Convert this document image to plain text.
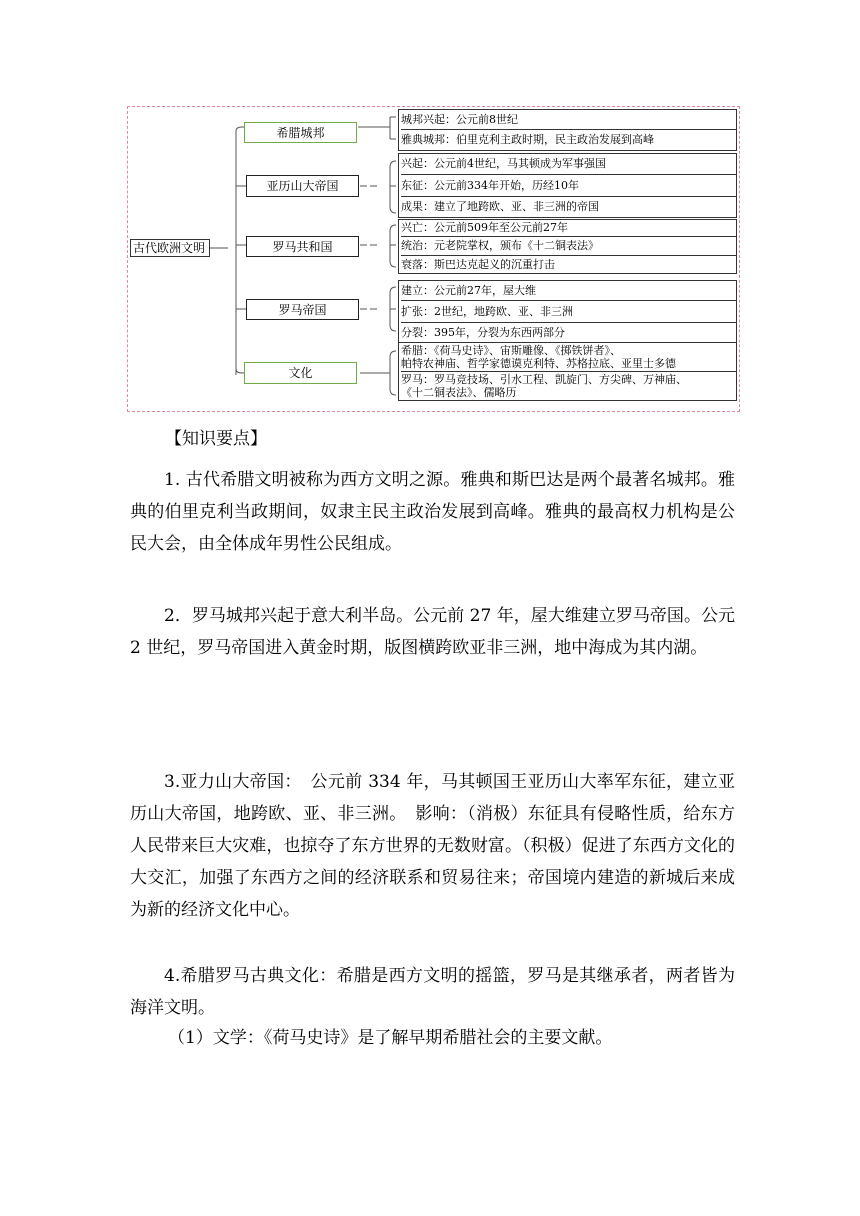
古代欧洲文明
希腊城邦
亚历山大帝国
罗马共和国
罗马帝国
文化
城邦兴起：公元前8世纪
雅典城邦：伯里克利主政时期，民主政治发展到高峰
兴起：公元前4世纪，马其顿成为军事强国
东征：公元前334年开始，历经10年
成果：建立了地跨欧、亚、非三洲的帝国
兴亡：公元前509年至公元前27年
统治：元老院掌权，颁布《十二铜表法》
衰落：斯巴达克起义的沉重打击
建立：公元前27年，屋大维
扩张：2世纪，地跨欧、亚、非三洲
分裂：395年，分裂为东西两部分
希腊：《荷马史诗》、宙斯雕像、《掷铁饼者》、
帕特农神庙、哲学家德谟克利特、苏格拉底、亚里士多德
罗马：罗马竞技场、引水工程、凯旋门、方尖碑、万神庙、
《十二铜表法》、儒略历
【知识要点】
1. 古代希腊文明被称为西方文明之源。雅典和斯巴达是两个最著名城邦。雅典的伯里克利当政期间，奴隶主民主政治发展到高峰。雅典的最高权力机构是公民大会，由全体成年男性公民组成。
2．罗马城邦兴起于意大利半岛。公元前 27 年，屋大维建立罗马帝国。公元 2 世纪，罗马帝国进入黄金时期，版图横跨欧亚非三洲，地中海成为其内湖。
3.亚力山大帝国：　公元前 334 年，马其顿国王亚历山大率军东征，建立亚历山大帝国，地跨欧、亚、非三洲。　影响：（消极）东征具有侵略性质，给东方人民带来巨大灾难，也掠夺了东方世界的无数财富。（积极）促进了东西方文化的大交汇，加强了东西方之间的经济联系和贸易往来；帝国境内建造的新城后来成为新的经济文化中心。
4.希腊罗马古典文化：希腊是西方文明的摇篮，罗马是其继承者，两者皆为海洋文明。
（1）文学：《荷马史诗》是了解早期希腊社会的主要文献。
